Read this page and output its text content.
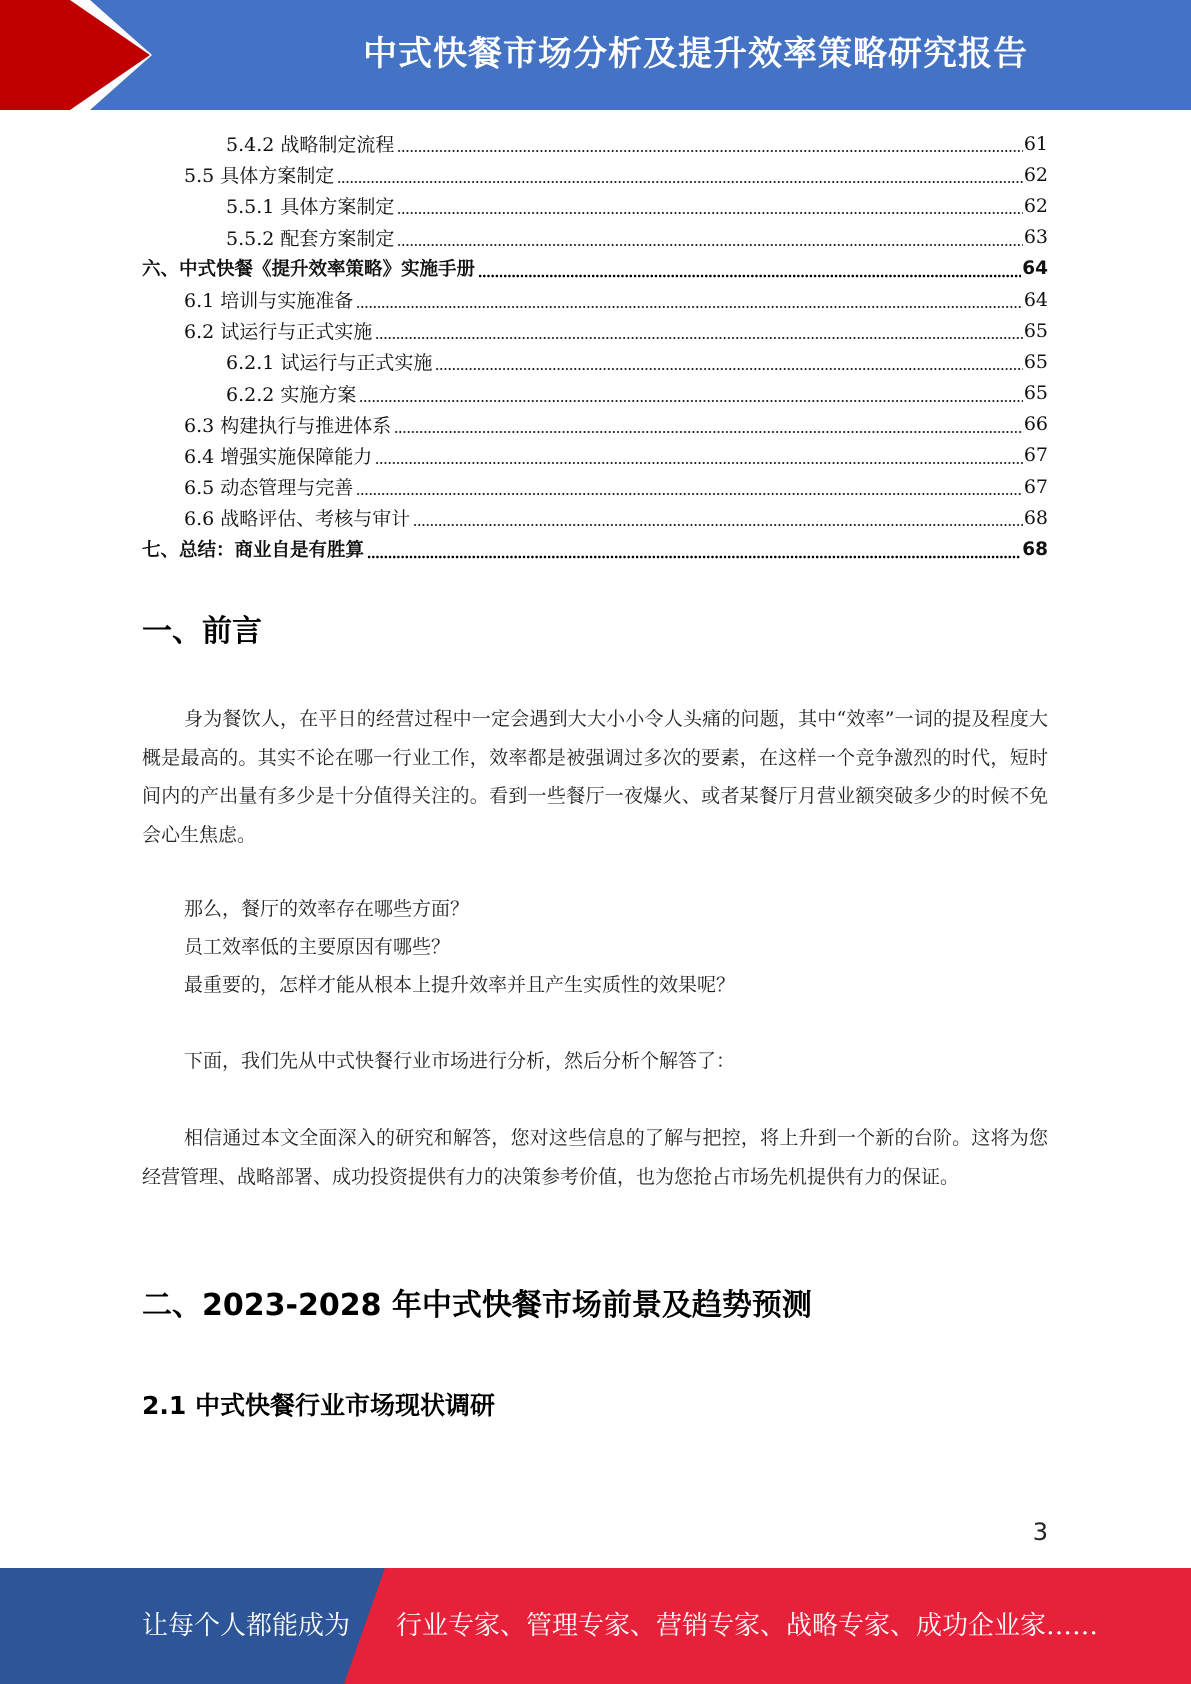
中式快餐市场分析及提升效率策略研究报告
5.4.2 战略制定流程	61
5.5 具体方案制定	62
5.5.1 具体方案制定	62
5.5.2 配套方案制定	63
六、中式快餐《提升效率策略》实施手册	64
6.1 培训与实施准备	64
6.2 试运行与正式实施	65
6.2.1 试运行与正式实施	65
6.2.2 实施方案	65
6.3 构建执行与推进体系	66
6.4 增强实施保障能力	67
6.5 动态管理与完善	67
6.6 战略评估、考核与审计	68
七、总结：商业自是有胜算	68
一、前言
身为餐饮人，在平日的经营过程中一定会遇到大大小小令人头痛的问题，其中“效率”一词的提及程度大概是最高的。其实不论在哪一行业工作，效率都是被强调过多次的要素，在这样一个竞争激烈的时代，短时间内的产出量有多少是十分值得关注的。看到一些餐厅一夜爆火、或者某餐厅月营业额突破多少的时候不免会心生焦虑。
那么，餐厅的效率存在哪些方面？
员工效率低的主要原因有哪些？
最重要的，怎样才能从根本上提升效率并且产生实质性的效果呢？
下面，我们先从中式快餐行业市场进行分析，然后分析个解答了：
相信通过本文全面深入的研究和解答，您对这些信息的了解与把控，将上升到一个新的台阶。这将为您经营管理、战略部署、成功投资提供有力的决策参考价值，也为您抢占市场先机提供有力的保证。
二、2023-2028 年中式快餐市场前景及趋势预测
2.1 中式快餐行业市场现状调研
3
让每个人都能成为 行业专家、管理专家、营销专家、战略专家、成功企业家……
